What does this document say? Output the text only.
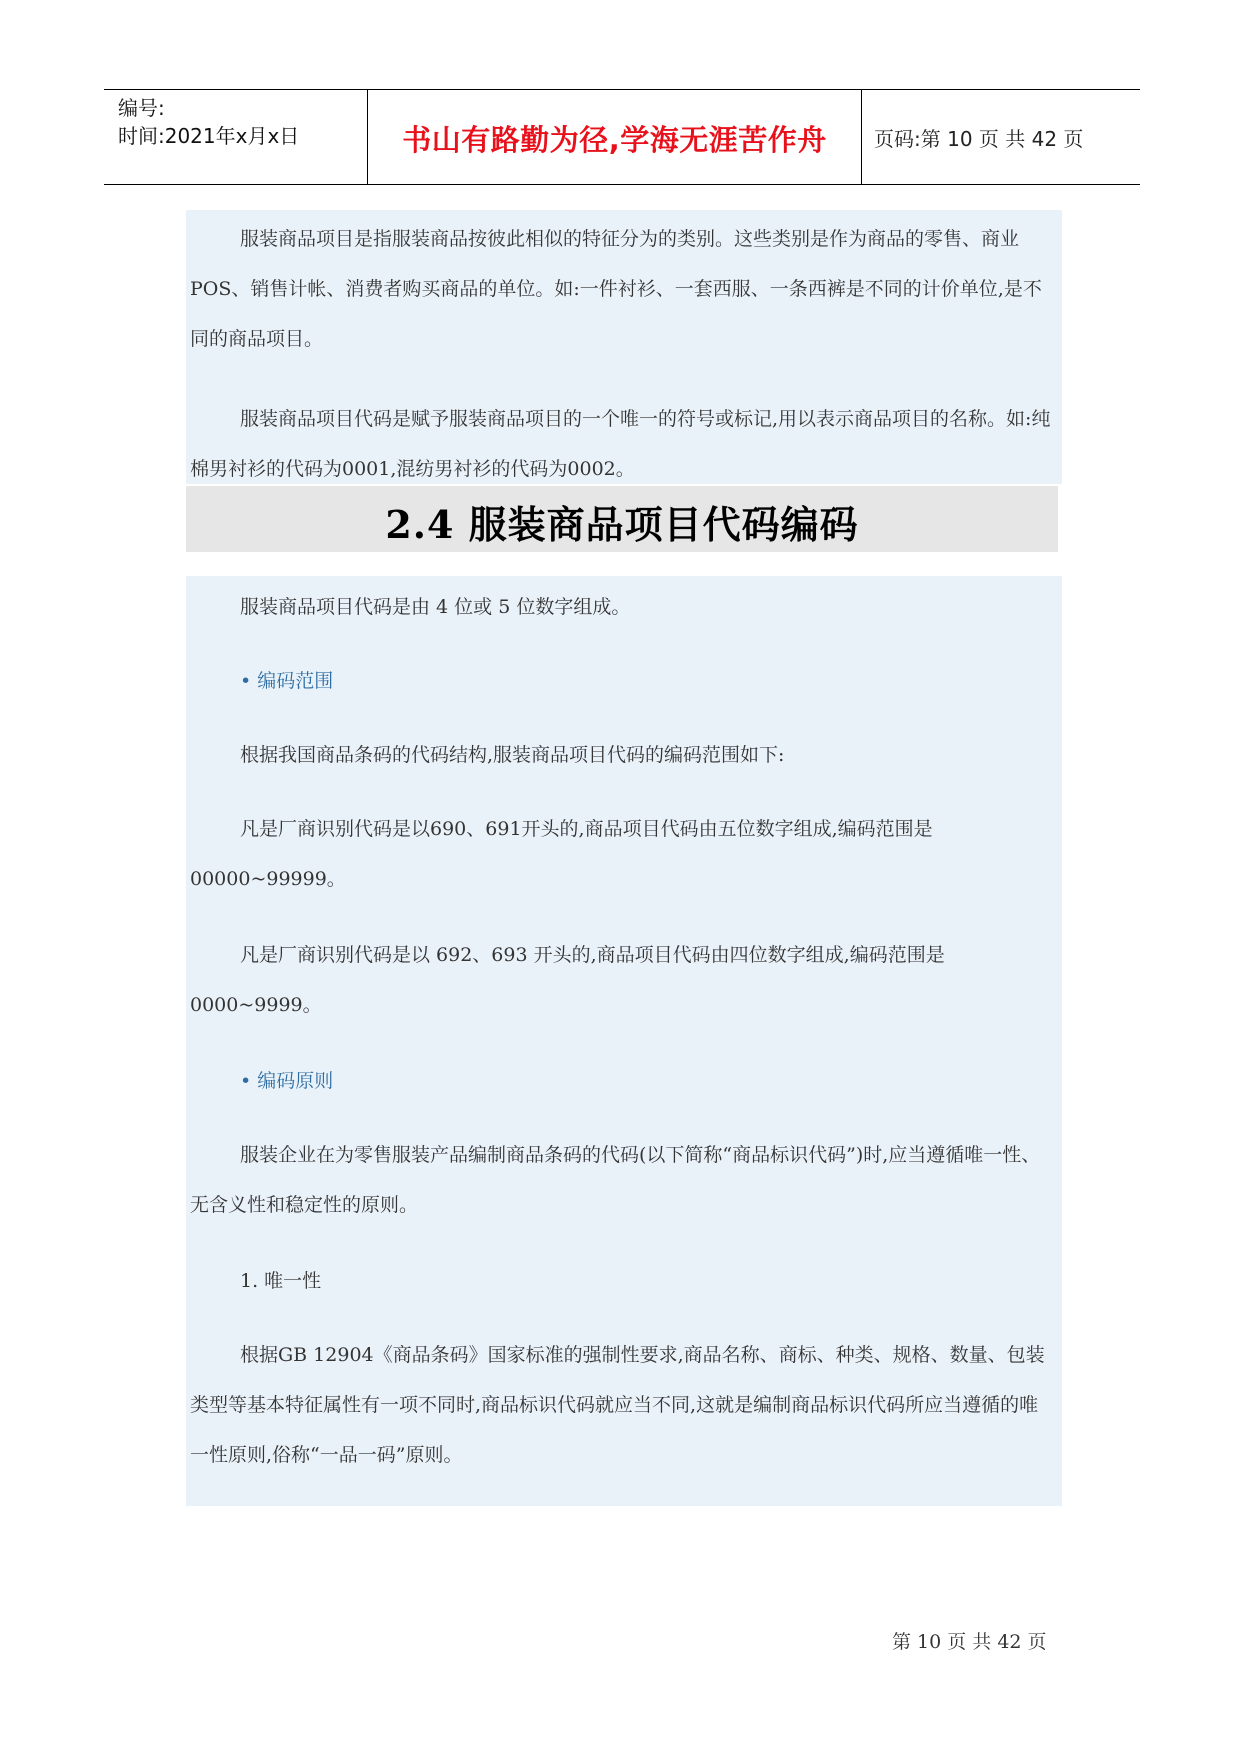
编号:
时间:2021年x月x日	书山有路勤为径,学海无涯苦作舟	页码:第 10 页 共 42 页

服装商品项目是指服装商品按彼此相似的特征分为的类别。这些类别是作为商品的零售、商业POS、销售计帐、消费者购买商品的单位。如:一件衬衫、一套西服、一条西裤是不同的计价单位,是不同的商品项目。

服装商品项目代码是赋予服装商品项目的一个唯一的符号或标记,用以表示商品项目的名称。如:纯棉男衬衫的代码为0001,混纺男衬衫的代码为0002。

2.4 服装商品项目代码编码

服装商品项目代码是由 4 位或 5 位数字组成。

• 编码范围

根据我国商品条码的代码结构,服装商品项目代码的编码范围如下:

凡是厂商识别代码是以690、691开头的,商品项目代码由五位数字组成,编码范围是00000~99999。

凡是厂商识别代码是以 692、693 开头的,商品项目代码由四位数字组成,编码范围是0000~9999。

• 编码原则

服装企业在为零售服装产品编制商品条码的代码(以下简称“商品标识代码”)时,应当遵循唯一性、无含义性和稳定性的原则。

1. 唯一性

根据GB 12904《商品条码》国家标准的强制性要求,商品名称、商标、种类、规格、数量、包装类型等基本特征属性有一项不同时,商品标识代码就应当不同,这就是编制商品标识代码所应当遵循的唯一性原则,俗称“一品一码”原则。

第 10 页 共 42 页
